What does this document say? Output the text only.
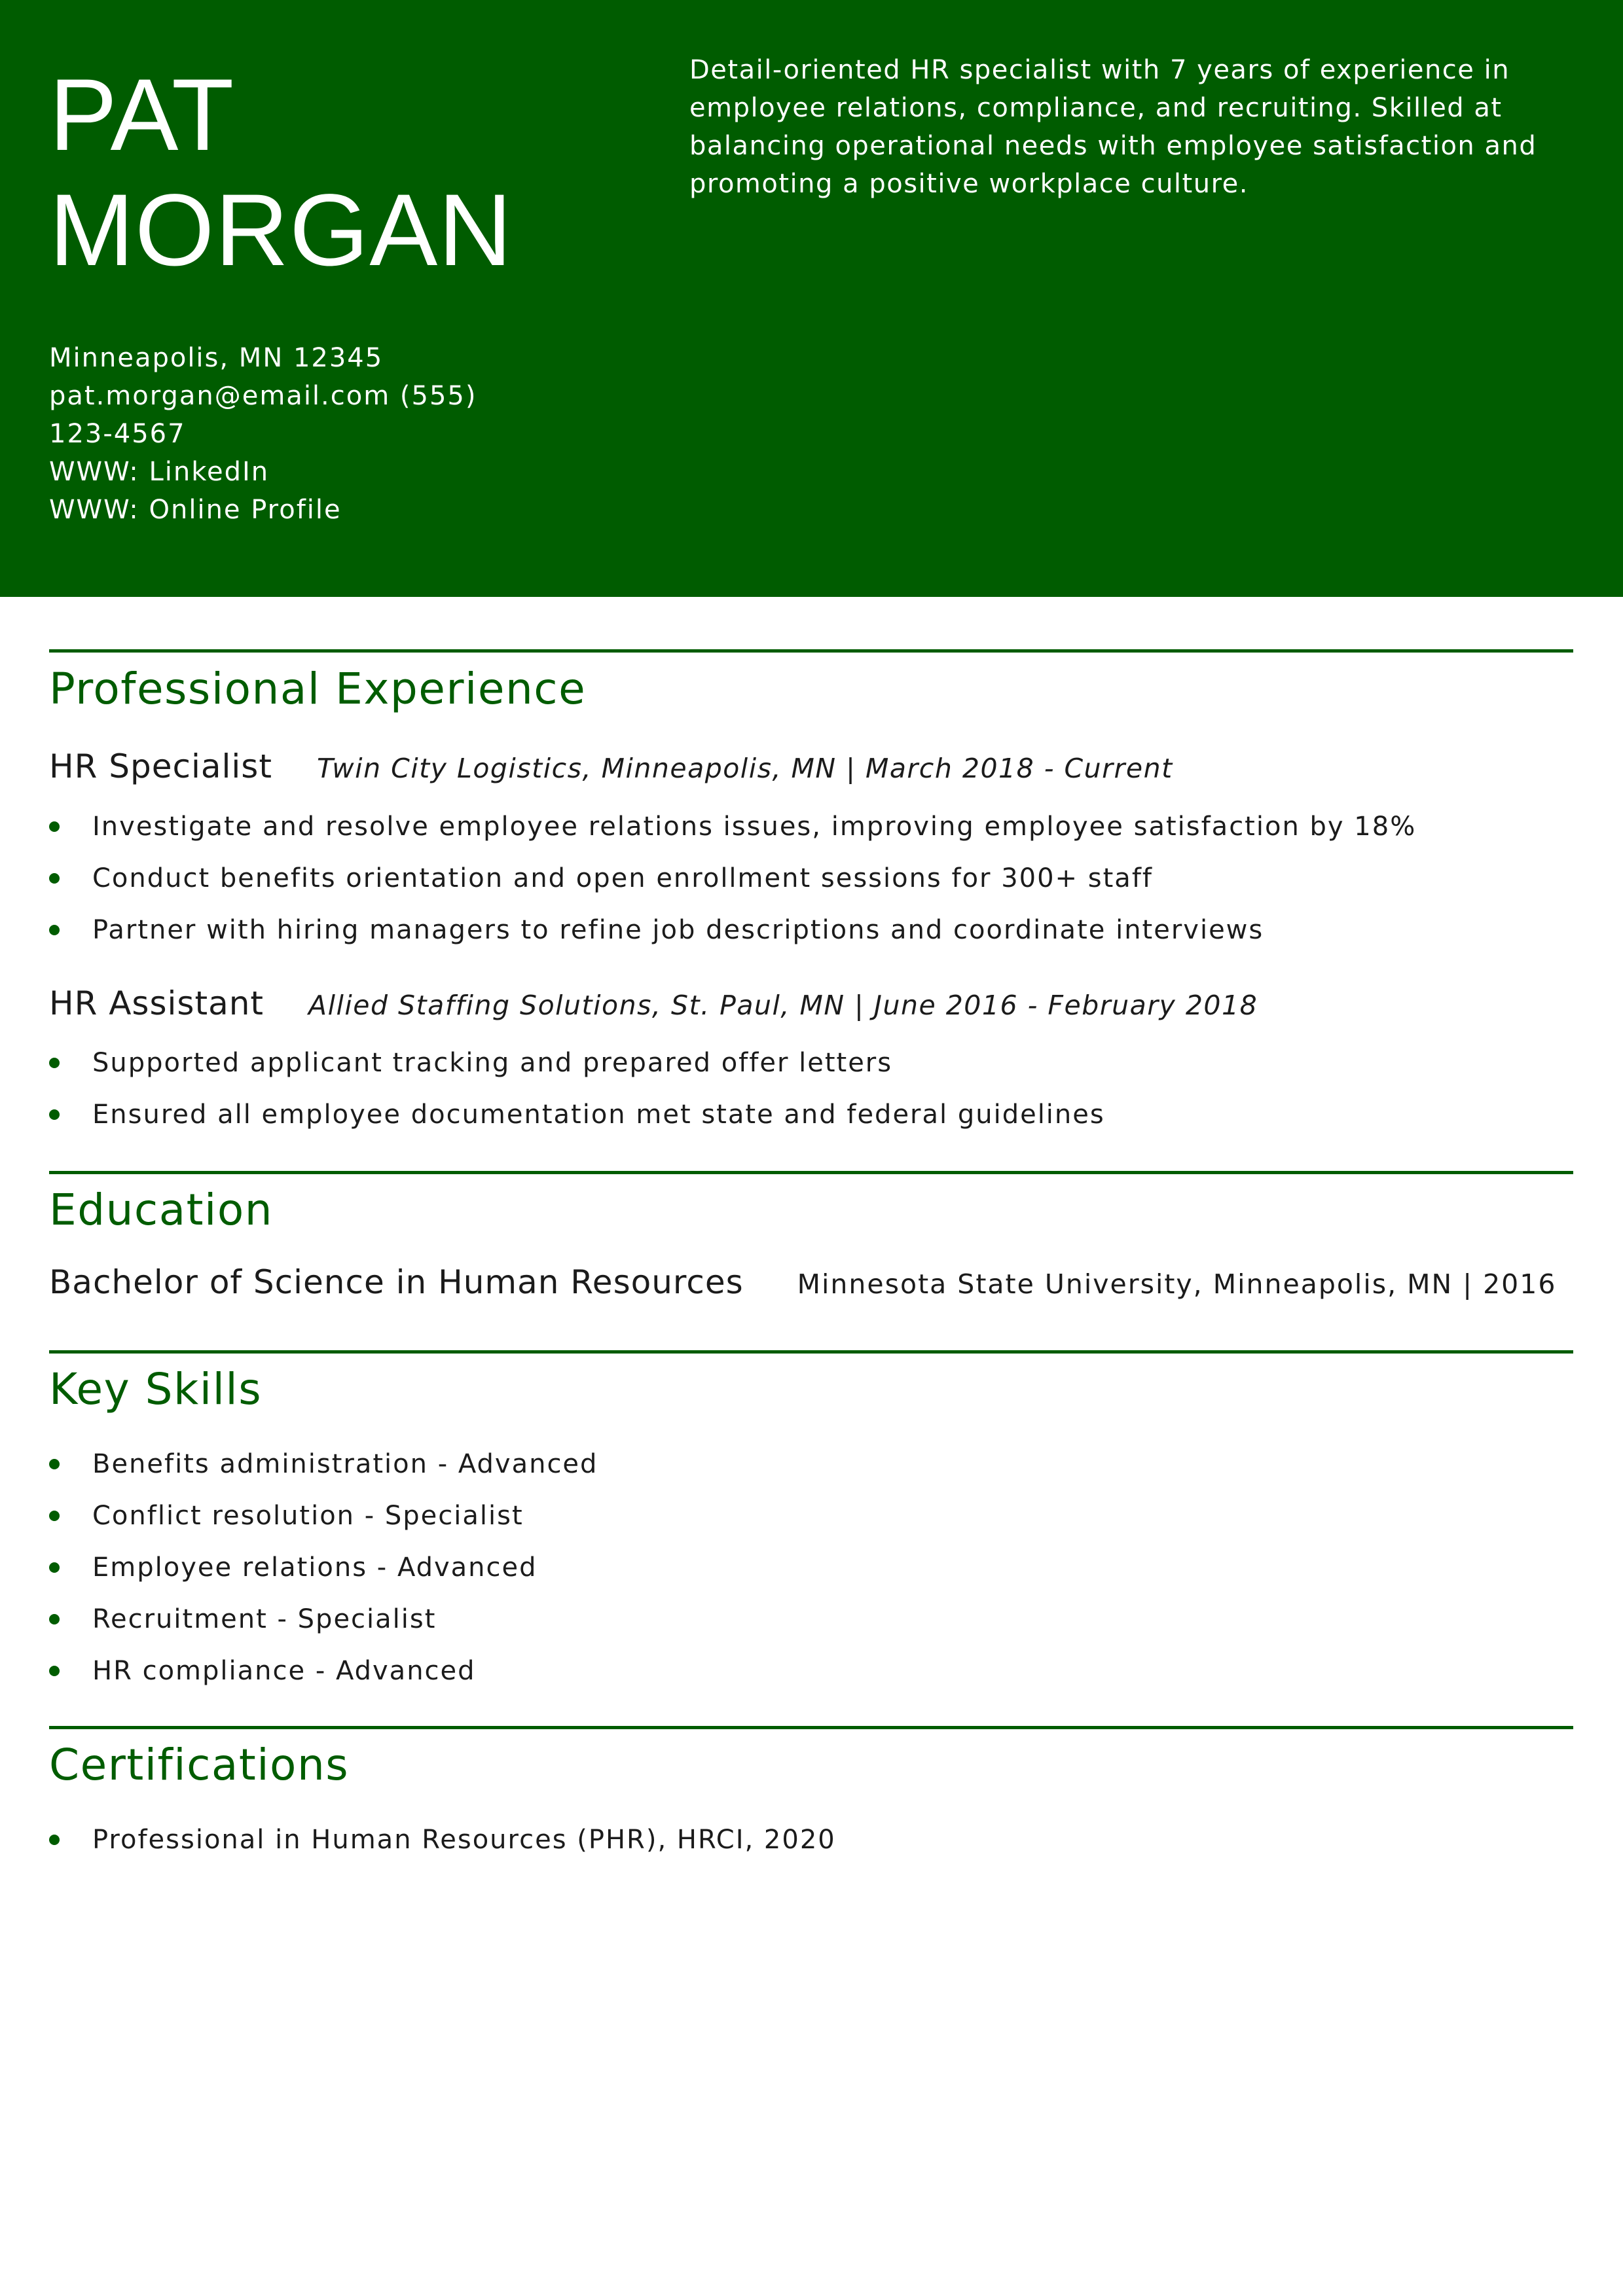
PAT
MORGAN
Minneapolis, MN 12345
pat.morgan@email.com (555)
123-4567
WWW: LinkedIn
WWW: Online Profile
Detail-oriented HR specialist with 7 years of experience in employee relations, compliance, and recruiting. Skilled at balancing operational needs with employee satisfaction and promoting a positive workplace culture.
Professional Experience
HR Specialist Twin City Logistics, Minneapolis, MN | March 2018 - Current
Investigate and resolve employee relations issues, improving employee satisfaction by 18%
Conduct benefits orientation and open enrollment sessions for 300+ staff
Partner with hiring managers to refine job descriptions and coordinate interviews
HR Assistant Allied Staffing Solutions, St. Paul, MN | June 2016 - February 2018
Supported applicant tracking and prepared offer letters
Ensured all employee documentation met state and federal guidelines
Education
Bachelor of Science in Human Resources Minnesota State University, Minneapolis, MN | 2016
Key Skills
Benefits administration - Advanced
Conflict resolution - Specialist
Employee relations - Advanced
Recruitment - Specialist
HR compliance - Advanced
Certifications
Professional in Human Resources (PHR), HRCI, 2020
